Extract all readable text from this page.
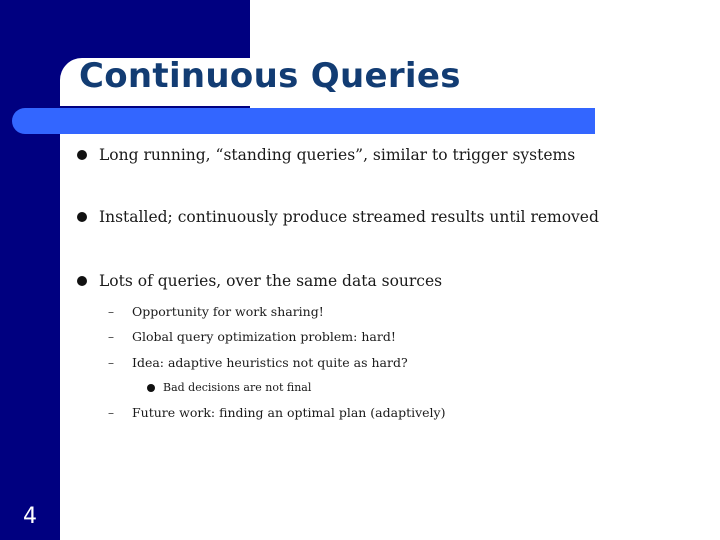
Continuous Queries
Long running, “standing queries”, similar to trigger systems
Installed; continuously produce streamed results until removed
Lots of queries, over the same data sources
–	Opportunity for work sharing!
–	Global query optimization problem: hard!
–	Idea: adaptive heuristics not quite as hard?
Bad decisions are not final
–	Future work: finding an optimal plan (adaptively)
4
